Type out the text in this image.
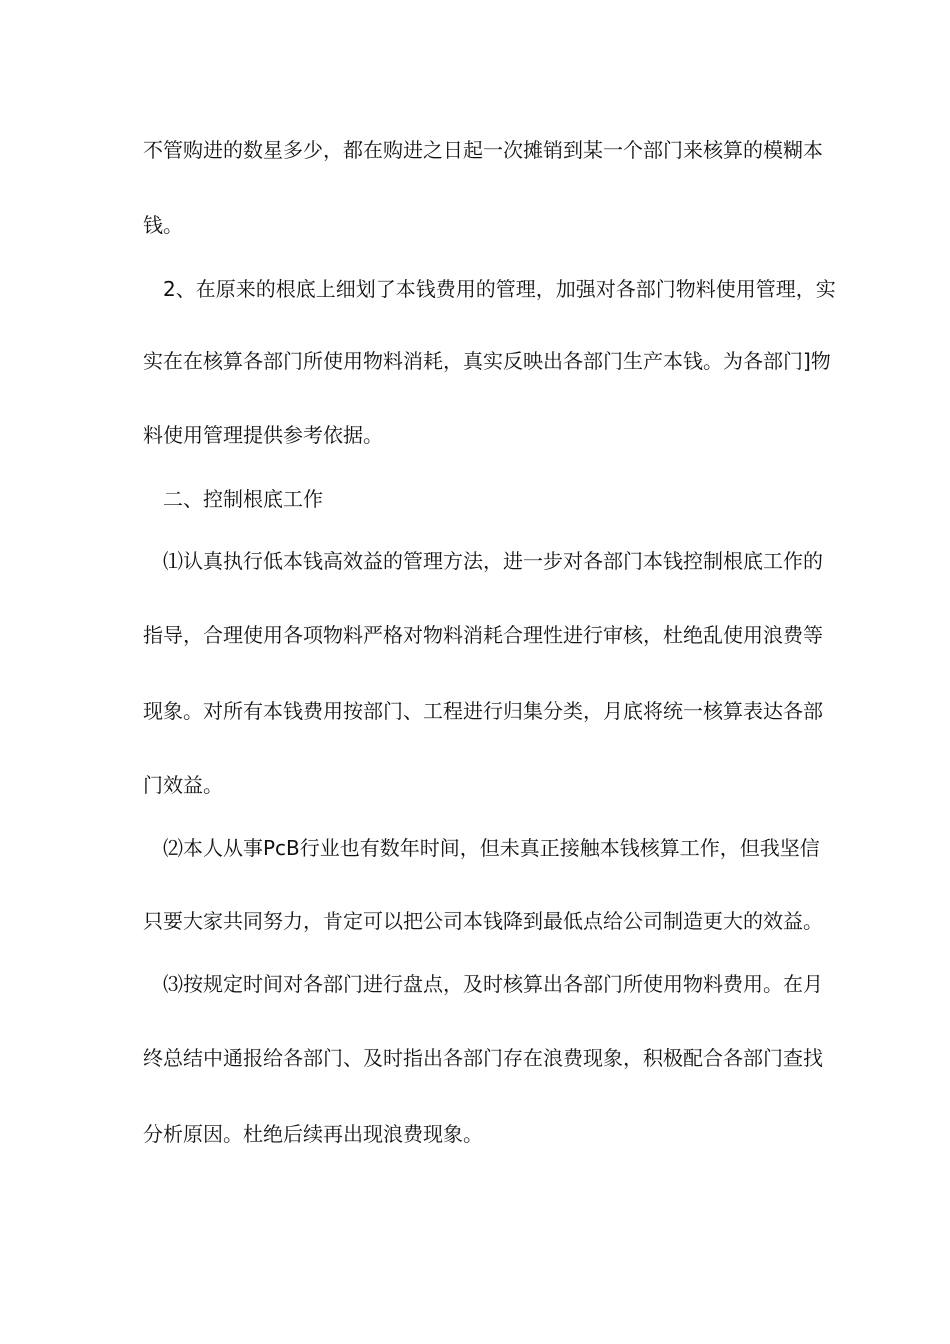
不管购进的数星多少，都在购进之日起一次摊销到某一个部门来核算的模糊本
钱。
2、在原来的根底上细划了本钱费用的管理，加强对各部门物料使用管理，实
实在在核算各部门所使用物料消耗，真实反映出各部门生产本钱。为各部门]物
料使用管理提供参考依据。
二、控制根底工作
⑴认真执行低本钱高效益的管理方法，进一步对各部门本钱控制根底工作的
指导，合理使用各项物料严格对物料消耗合理性进行审核，杜绝乱使用浪费等
现象。对所有本钱费用按部门、工程进行归集分类，月底将统一核算表达各部
门效益。
⑵本人从事PcB行业也有数年时间，但未真正接触本钱核算工作，但我坚信
只要大家共同努力，肯定可以把公司本钱降到最低点给公司制造更大的效益。
⑶按规定时间对各部门进行盘点，及时核算出各部门所使用物料费用。在月
终总结中通报给各部门、及时指出各部门存在浪费现象，积极配合各部门查找
分析原因。杜绝后续再出现浪费现象。
